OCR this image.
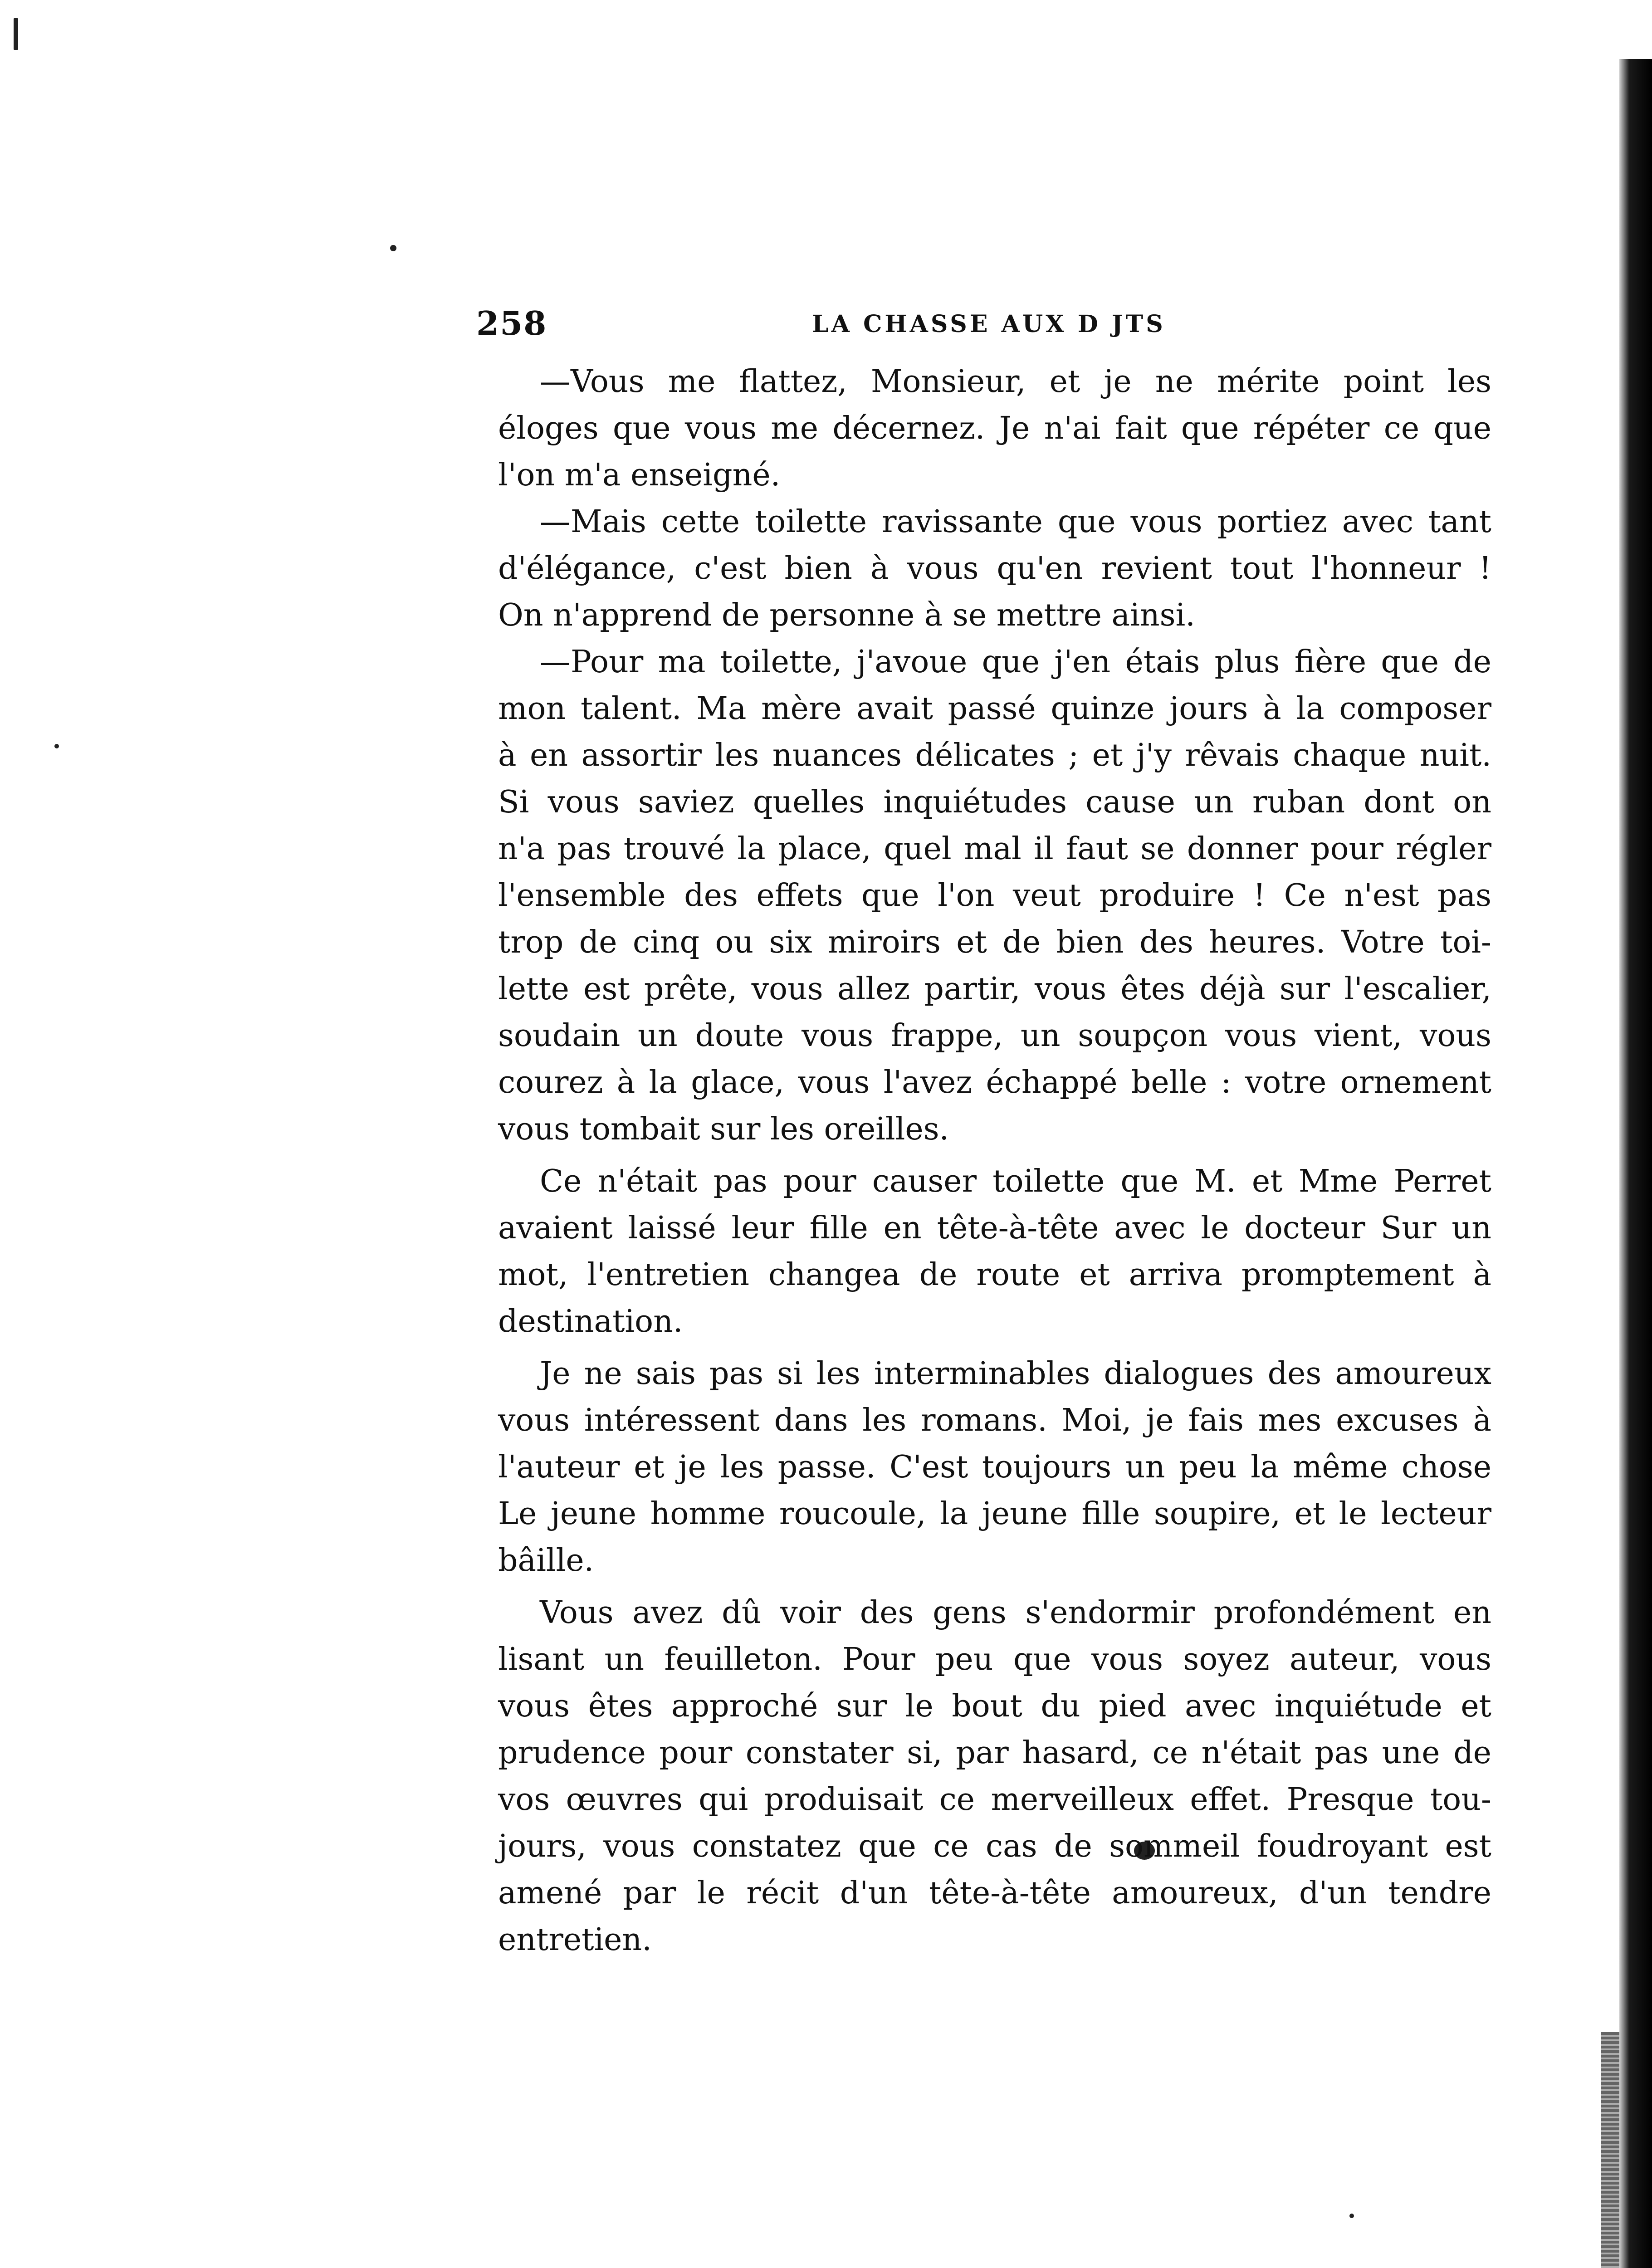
258	LA CHASSE AUX D JTS
—Vous me flattez, Monsieur, et je ne mérite point les
éloges que vous me décernez. Je n'ai fait que répéter ce que
l'on m'a enseigné.
—Mais cette toilette ravissante que vous portiez avec tant
d'élégance, c'est bien à vous qu'en revient tout l'honneur !
On n'apprend de personne à se mettre ainsi.
—Pour ma toilette, j'avoue que j'en étais plus fière que de
mon talent. Ma mère avait passé quinze jours à la composer
à en assortir les nuances délicates ; et j'y rêvais chaque nuit.
Si vous saviez quelles inquiétudes cause un ruban dont on
n'a pas trouvé la place, quel mal il faut se donner pour régler
l'ensemble des effets que l'on veut produire ! Ce n'est pas
trop de cinq ou six miroirs et de bien des heures. Votre toi-
lette est prête, vous allez partir, vous êtes déjà sur l'escalier,
soudain un doute vous frappe, un soupçon vous vient, vous
courez à la glace, vous l'avez échappé belle : votre ornement
vous tombait sur les oreilles.
Ce n'était pas pour causer toilette que M. et Mme Perret
avaient laissé leur fille en tête-à-tête avec le docteur Sur un
mot, l'entretien changea de route et arriva promptement à
destination.
Je ne sais pas si les interminables dialogues des amoureux
vous intéressent dans les romans. Moi, je fais mes excuses à
l'auteur et je les passe. C'est toujours un peu la même chose
Le jeune homme roucoule, la jeune fille soupire, et le lecteur
bâille.
Vous avez dû voir des gens s'endormir profondément en
lisant un feuilleton. Pour peu que vous soyez auteur, vous
vous êtes approché sur le bout du pied avec inquiétude et
prudence pour constater si, par hasard, ce n'était pas une de
vos œuvres qui produisait ce merveilleux effet. Presque tou-
jours, vous constatez que ce cas de sommeil foudroyant est
amené par le récit d'un tête-à-tête amoureux, d'un tendre
entretien.
